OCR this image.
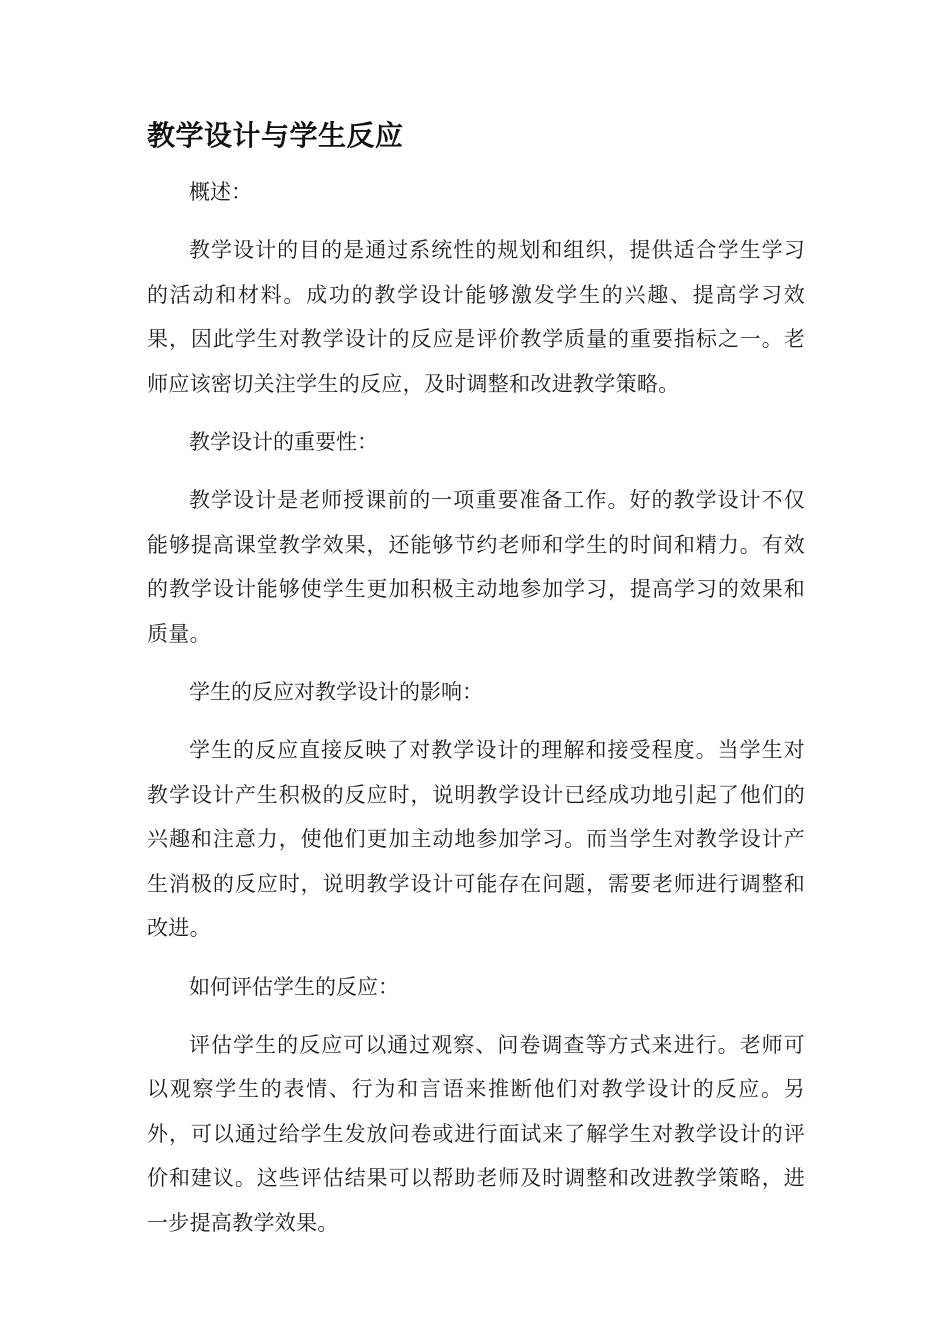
教学设计与学生反应

概述：

教学设计的目的是通过系统性的规划和组织，提供适合学生学习的活动和材料。成功的教学设计能够激发学生的兴趣、提高学习效果，因此学生对教学设计的反应是评价教学质量的重要指标之一。老师应该密切关注学生的反应，及时调整和改进教学策略。

教学设计的重要性：

教学设计是老师授课前的一项重要准备工作。好的教学设计不仅能够提高课堂教学效果，还能够节约老师和学生的时间和精力。有效的教学设计能够使学生更加积极主动地参加学习，提高学习的效果和质量。

学生的反应对教学设计的影响：

学生的反应直接反映了对教学设计的理解和接受程度。当学生对教学设计产生积极的反应时，说明教学设计已经成功地引起了他们的兴趣和注意力，使他们更加主动地参加学习。而当学生对教学设计产生消极的反应时，说明教学设计可能存在问题，需要老师进行调整和改进。

如何评估学生的反应：

评估学生的反应可以通过观察、问卷调查等方式来进行。老师可以观察学生的表情、行为和言语来推断他们对教学设计的反应。另外，可以通过给学生发放问卷或进行面试来了解学生对教学设计的评价和建议。这些评估结果可以帮助老师及时调整和改进教学策略，进一步提高教学效果。
